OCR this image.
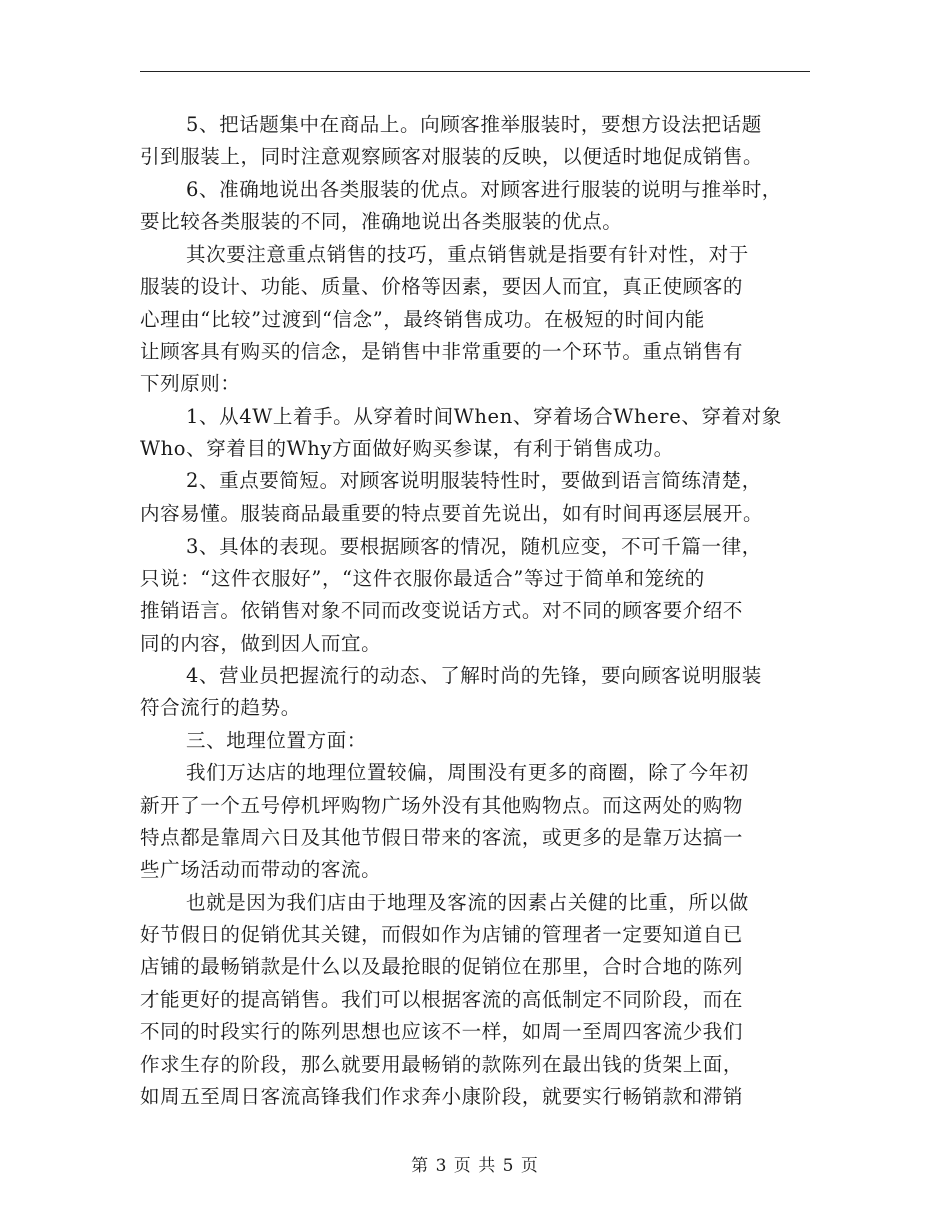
5、把话题集中在商品上。向顾客推举服装时，要想方设法把话题
引到服装上，同时注意观察顾客对服装的反映，以便适时地促成销售。
6、准确地说出各类服装的优点。对顾客进行服装的说明与推举时，
要比较各类服装的不同，准确地说出各类服装的优点。
其次要注意重点销售的技巧，重点销售就是指要有针对性，对于
服装的设计、功能、质量、价格等因素，要因人而宜，真正使顾客的
心理由“比较”过渡到“信念”，最终销售成功。在极短的时间内能
让顾客具有购买的信念，是销售中非常重要的一个环节。重点销售有
下列原则：
1、从4W上着手。从穿着时间When、穿着场合Where、穿着对象
Who、穿着目的Why方面做好购买参谋，有利于销售成功。
2、重点要简短。对顾客说明服装特性时，要做到语言简练清楚，
内容易懂。服装商品最重要的特点要首先说出，如有时间再逐层展开。
3、具体的表现。要根据顾客的情况，随机应变，不可千篇一律，
只说：“这件衣服好”，“这件衣服你最适合”等过于简单和笼统的
推销语言。依销售对象不同而改变说话方式。对不同的顾客要介绍不
同的内容，做到因人而宜。
4、营业员把握流行的动态、了解时尚的先锋，要向顾客说明服装
符合流行的趋势。
三、地理位置方面：
我们万达店的地理位置较偏，周围没有更多的商圈，除了今年初
新开了一个五号停机坪购物广场外没有其他购物点。而这两处的购物
特点都是靠周六日及其他节假日带来的客流，或更多的是靠万达搞一
些广场活动而带动的客流。
也就是因为我们店由于地理及客流的因素占关健的比重，所以做
好节假日的促销优其关键，而假如作为店铺的管理者一定要知道自已
店铺的最畅销款是什么以及最抢眼的促销位在那里，合时合地的陈列
才能更好的提高销售。我们可以根据客流的高低制定不同阶段，而在
不同的时段实行的陈列思想也应该不一样，如周一至周四客流少我们
作求生存的阶段，那么就要用最畅销的款陈列在最出钱的货架上面，
如周五至周日客流高锋我们作求奔小康阶段，就要实行畅销款和滞销
第 3 页 共 5 页
